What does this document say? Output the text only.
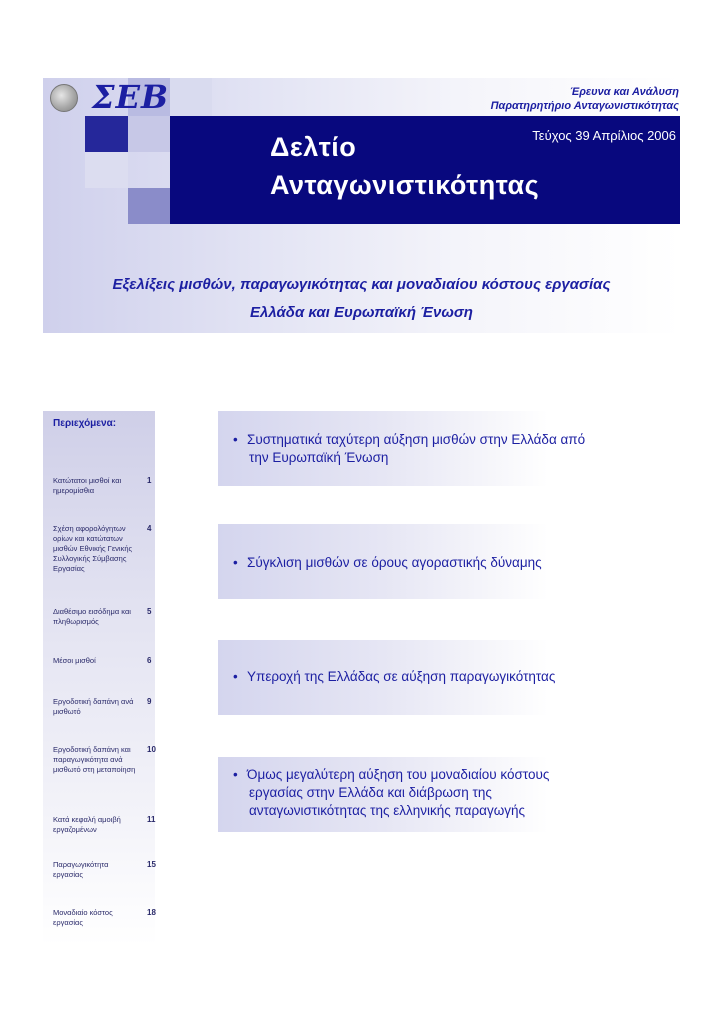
ΣΕΒ	Έρευνα και Ανάλυση
Παρατηρητήριο Ανταγωνιστικότητας
Δελτίο
Ανταγωνιστικότητας
Τεύχος 39 Απρίλιος 2006
Εξελίξεις μισθών, παραγωγικότητας και μοναδιαίου κόστους εργασίας
Ελλάδα και Ευρωπαϊκή Ένωση
Περιεχόμενα:
Κατώτατοι μισθοί και ημερομίσθια
1
Σχέση αφορολόγητων ορίων και κατώτατων μισθών Εθνικής Γενικής Συλλογικής Σύμβασης Εργασίας
4
Διαθέσιμο εισόδημα και πληθωρισμός
5
Μέσοι μισθοί	6
Εργοδοτική δαπάνη ανά μισθωτό
9
Εργοδοτική δαπάνη και παραγωγικότητα ανά μισθωτό στη μεταποίηση
10
Κατά κεφαλή αμοιβή εργαζομένων
11
Παραγωγικότητα εργασίας
15
Μοναδιαίο κόστος εργασίας
18
• Συστηματικά ταχύτερη αύξηση μισθών στην Ελλάδα από
την Ευρωπαϊκή Ένωση
• Σύγκλιση μισθών σε όρους αγοραστικής δύναμης
• Υπεροχή της Ελλάδας σε αύξηση παραγωγικότητας
• Όμως μεγαλύτερη αύξηση του μοναδιαίου κόστους
εργασίας στην Ελλάδα και διάβρωση της
ανταγωνιστικότητας της ελληνικής παραγωγής
